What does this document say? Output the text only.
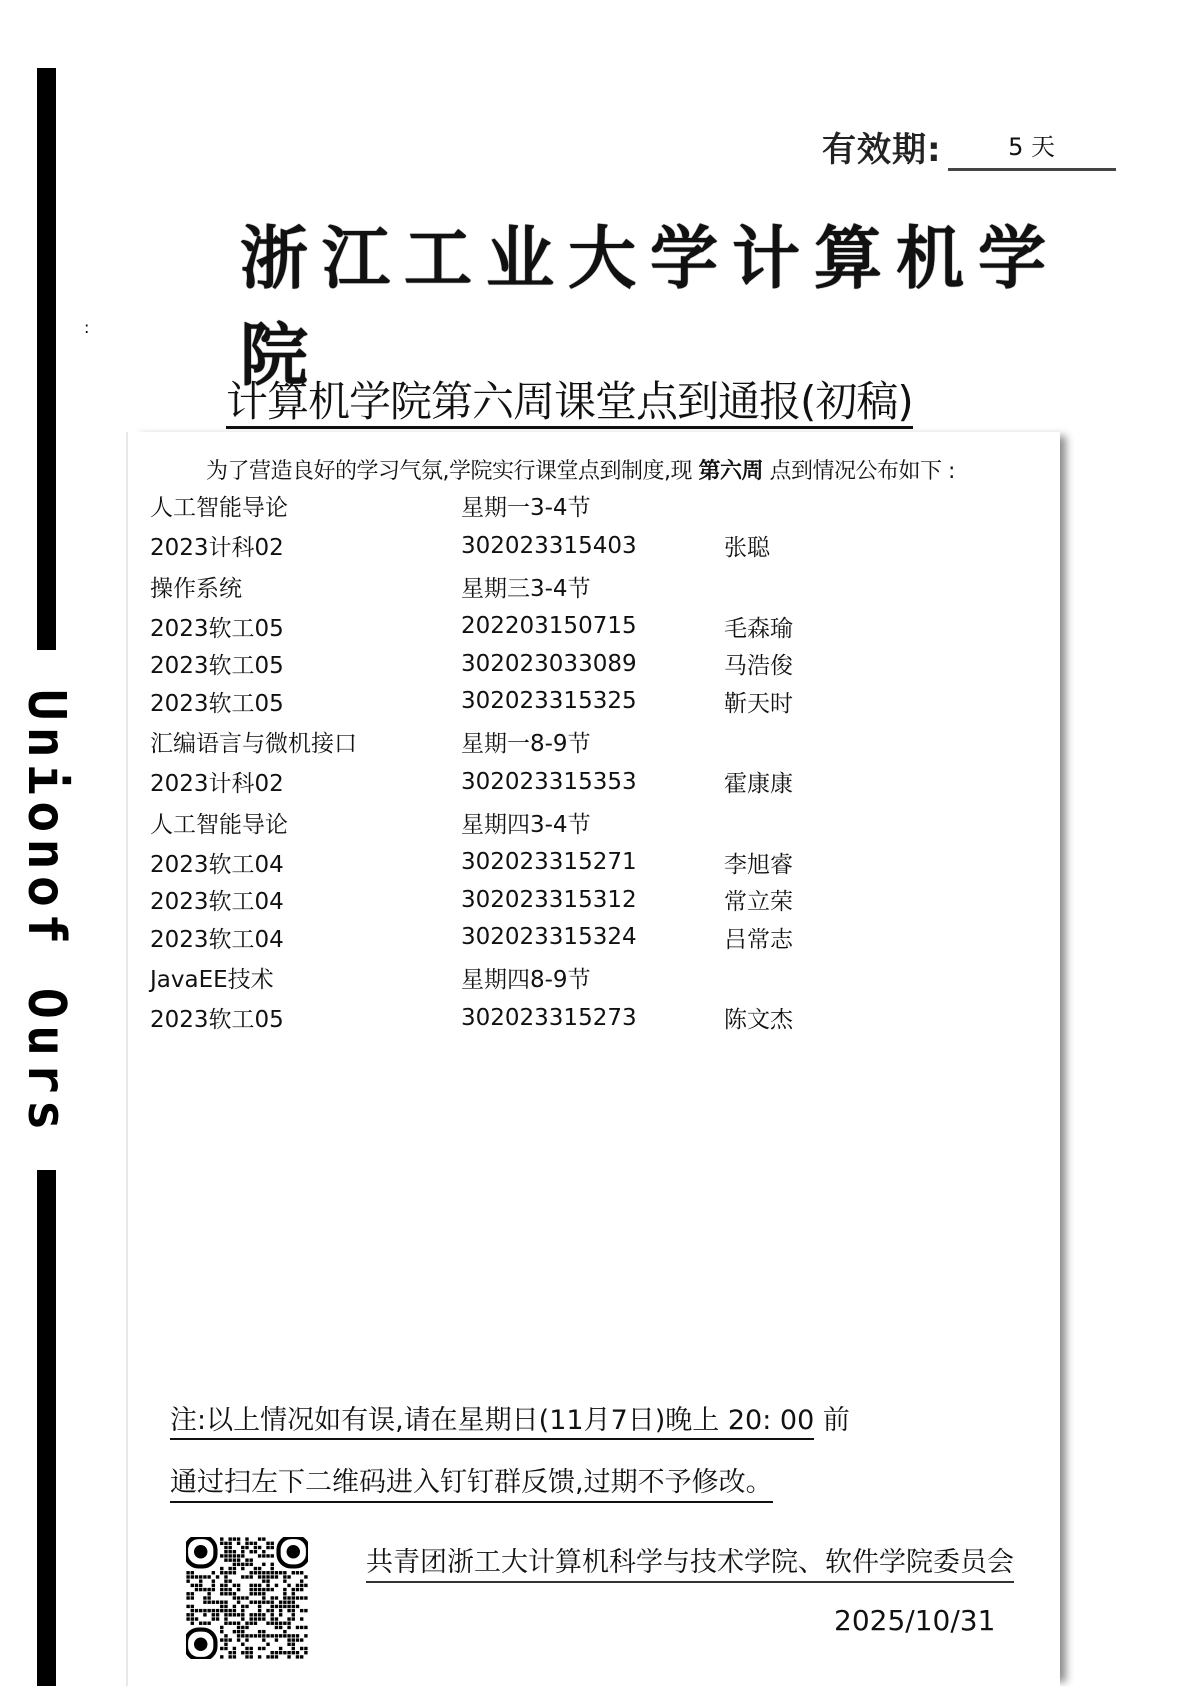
Unionof Ours
:
有效期:	5 天
浙江工业大学计算机学院
计算机学院第六周课堂点到通报(初稿)
为了营造良好的学习气氛,学院实行课堂点到制度,现 第六周 点到情况公布如下 :
人工智能导论	星期一3-4节
2023计科02	302023315403	张聪
操作系统	星期三3-4节
2023软工05	202203150715	毛森瑜
2023软工05	302023033089	马浩俊
2023软工05	302023315325	靳天时
汇编语言与微机接口	星期一8-9节
2023计科02	302023315353	霍康康
人工智能导论	星期四3-4节
2023软工04	302023315271	李旭睿
2023软工04	302023315312	常立荣
2023软工04	302023315324	吕常志
JavaEE技术	星期四8-9节
2023软工05	302023315273	陈文杰
注:以上情况如有误,请在星期日(11月7日)晚上 20: 00 前
通过扫左下二维码进入钉钉群反馈,过期不予修改。
共青团浙工大计算机科学与技术学院、软件学院委员会
2025/10/31
